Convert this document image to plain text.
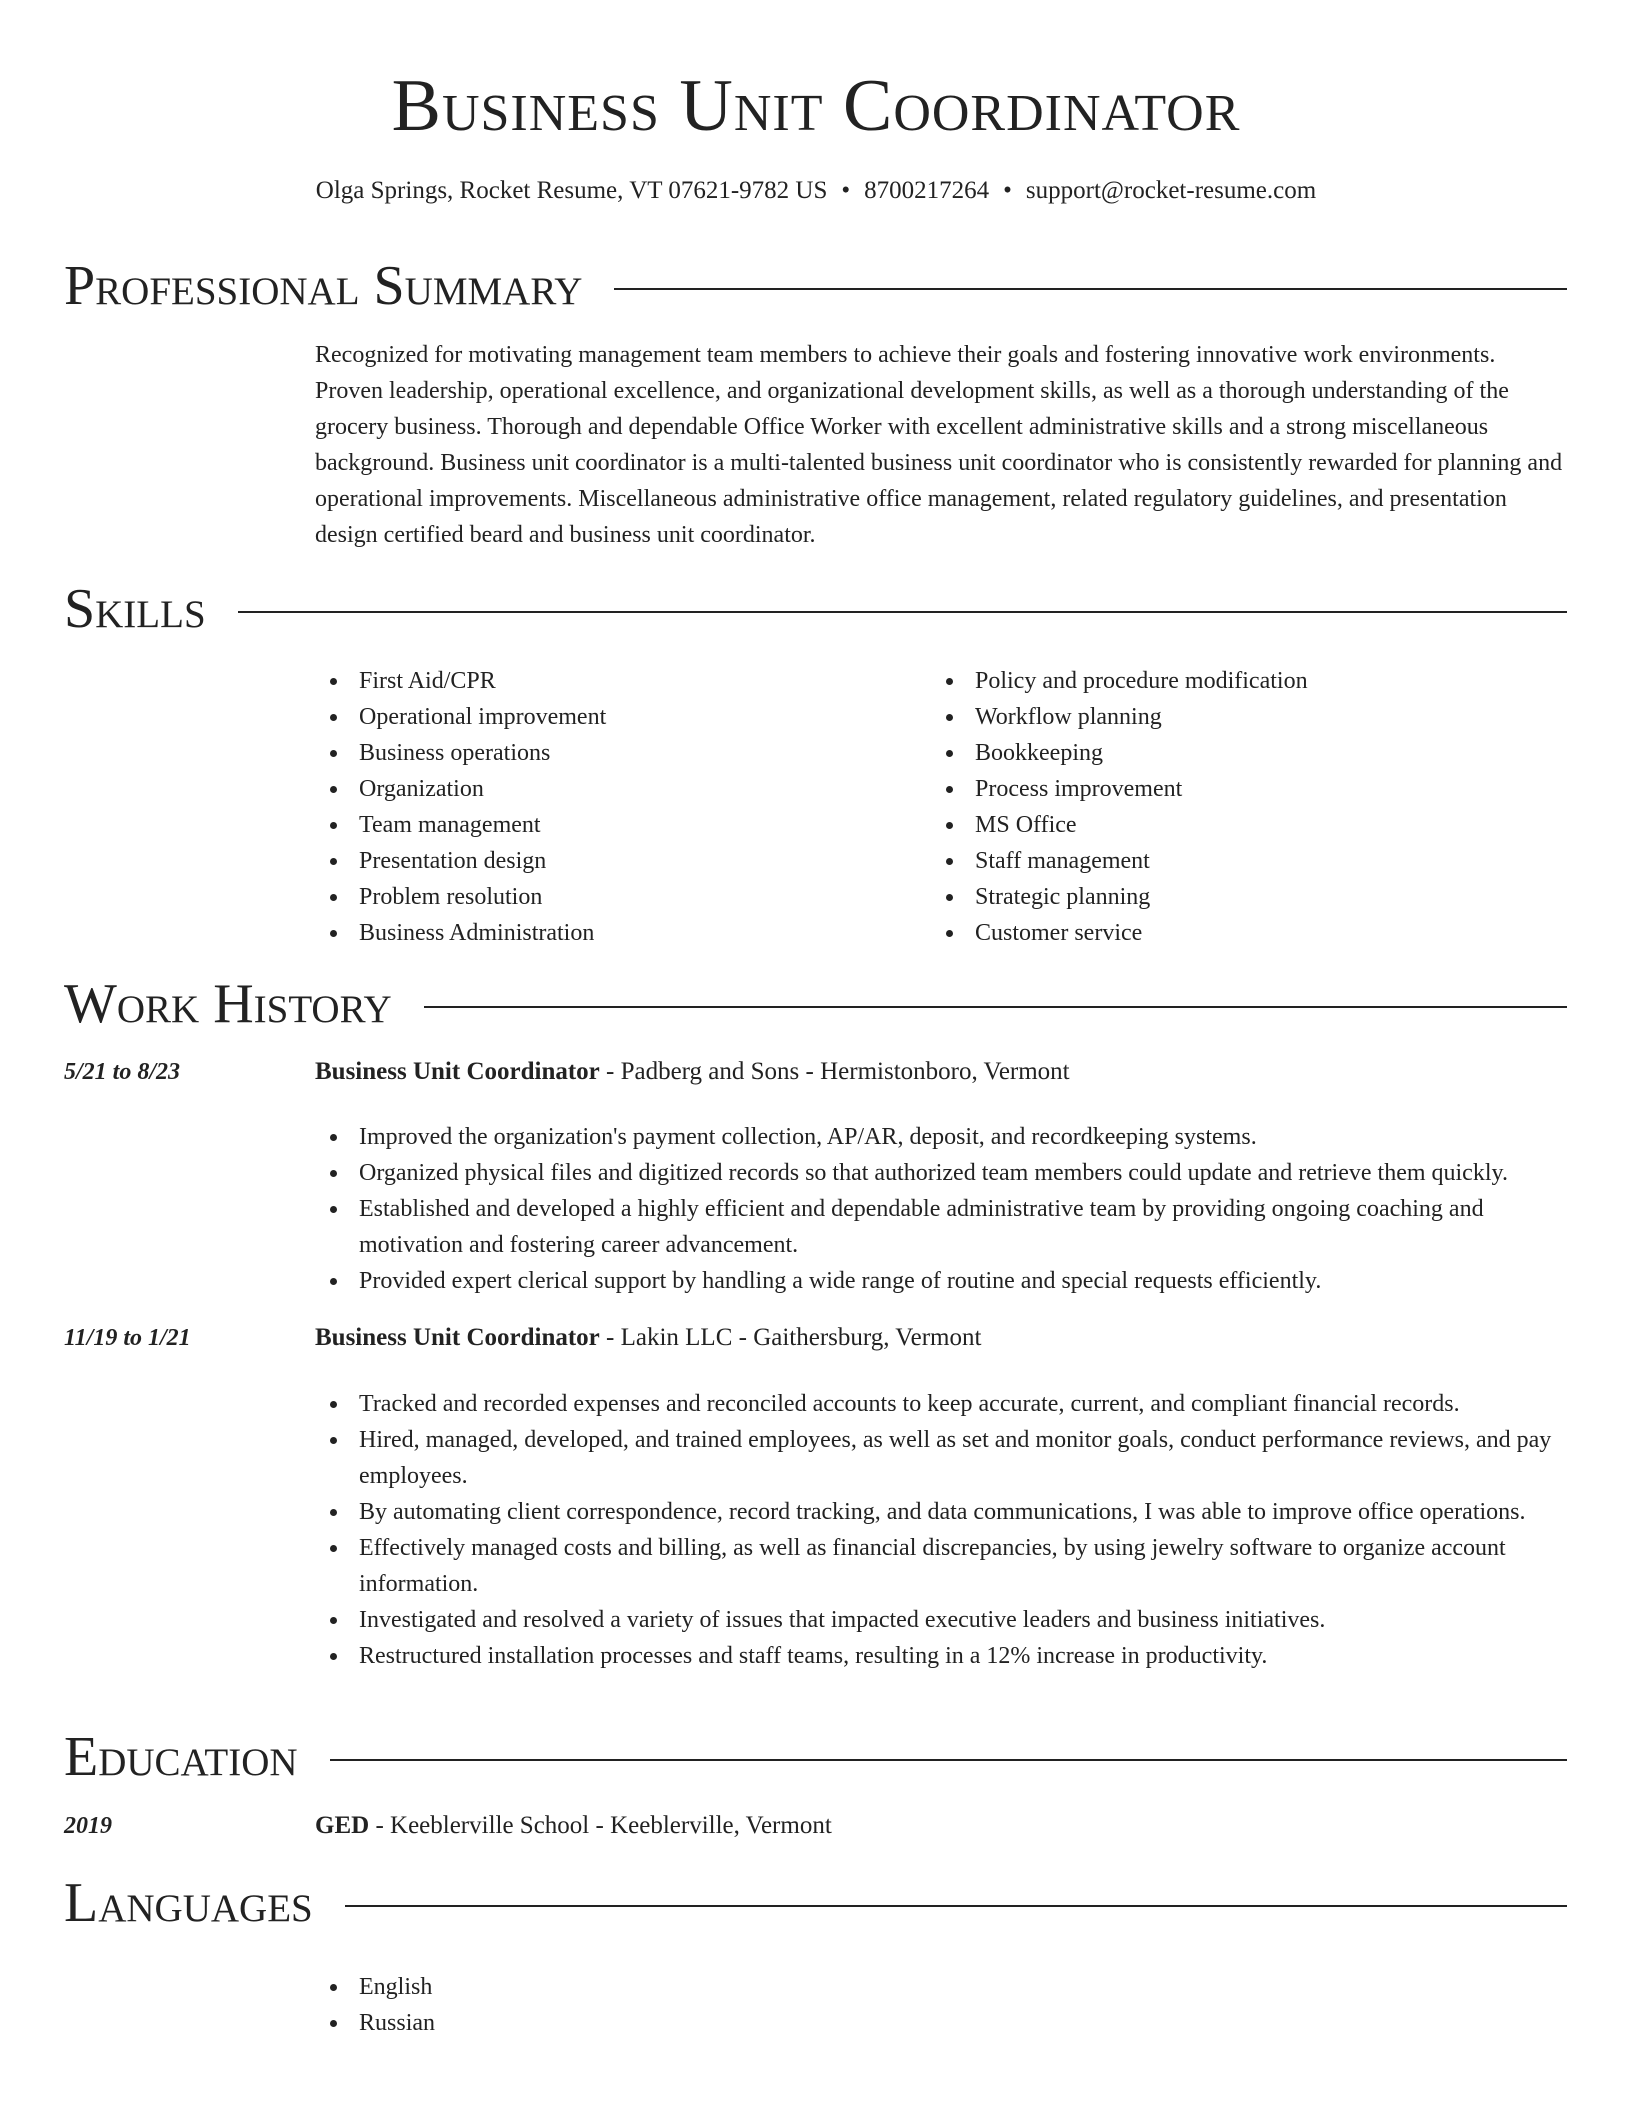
Business Unit Coordinator
Olga Springs, Rocket Resume, VT 07621-9782 US • 8700217264 • support@rocket-resume.com
Professional Summary

Recognized for motivating management team members to achieve their goals and fostering innovative work environments. Proven leadership, operational excellence, and organizational development skills, as well as a thorough understanding of the grocery business. Thorough and dependable Office Worker with excellent administrative skills and a strong miscellaneous background. Business unit coordinator is a multi-talented business unit coordinator who is consistently rewarded for planning and operational improvements. Miscellaneous administrative office management, related regulatory guidelines, and presentation design certified beard and business unit coordinator.

Skills
First Aid/CPR
Operational improvement
Business operations
Organization
Team management
Presentation design
Problem resolution
Business Administration
Policy and procedure modification
Workflow planning
Bookkeeping
Process improvement
MS Office
Staff management
Strategic planning
Customer service
Work History
5/21 to 8/23	Business Unit Coordinator - Padberg and Sons - Hermistonboro, Vermont
Improved the organization's payment collection, AP/AR, deposit, and recordkeeping systems.
Organized physical files and digitized records so that authorized team members could update and retrieve them quickly.
Established and developed a highly efficient and dependable administrative team by providing ongoing coaching and motivation and fostering career advancement.
Provided expert clerical support by handling a wide range of routine and special requests efficiently.
11/19 to 1/21	Business Unit Coordinator - Lakin LLC - Gaithersburg, Vermont
Tracked and recorded expenses and reconciled accounts to keep accurate, current, and compliant financial records.
Hired, managed, developed, and trained employees, as well as set and monitor goals, conduct performance reviews, and pay employees.
By automating client correspondence, record tracking, and data communications, I was able to improve office operations.
Effectively managed costs and billing, as well as financial discrepancies, by using jewelry software to organize account information.
Investigated and resolved a variety of issues that impacted executive leaders and business initiatives.
Restructured installation processes and staff teams, resulting in a 12% increase in productivity.
Education
2019	GED - Keeblerville School - Keeblerville, Vermont
Languages
English
Russian
